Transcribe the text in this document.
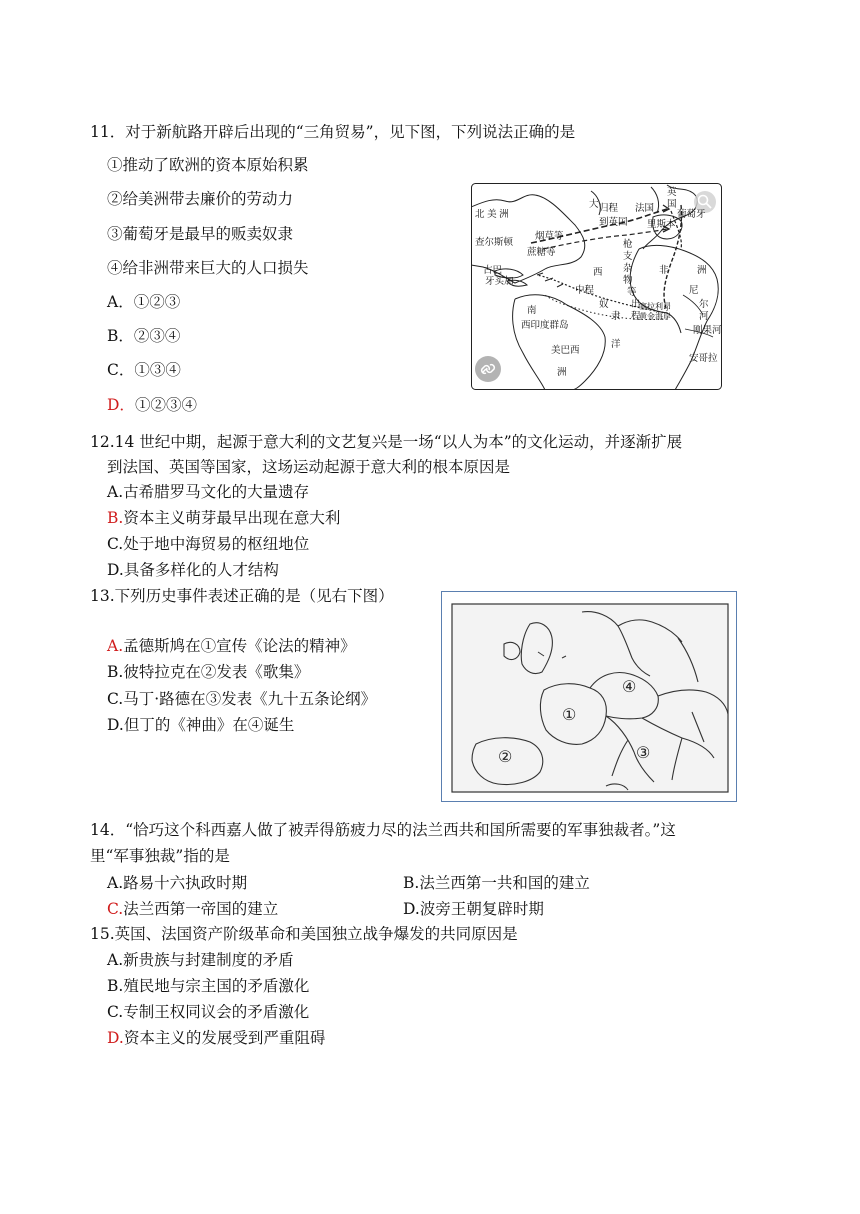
11．对于新航路开辟后出现的“三角贸易”，见下图，下列说法正确的是
①推动了欧洲的资本原始积累
②给美洲带去廉价的劳动力
③葡萄牙是最早的贩卖奴隶
④给非洲带来巨大的人口损失
A．①②③
B．②③④
C．①③④
D．①②③④
北 美 洲
大
查尔斯顿
烟草等
蔗糖等
归程
到英国
古巴
牙买加
西
中程
奴
隶
南
西印度群岛
美巴西
洋
洲
英
国
法国
里斯本
葡萄牙
枪
支
杂
物
等
出
程
非	洲
塞拉利昂
黄金海岸
尼
尔
河
刚果河
安哥拉
12.14 世纪中期，起源于意大利的文艺复兴是一场“以人为本”的文化运动，并逐渐扩展
到法国、英国等国家，这场运动起源于意大利的根本原因是
A.古希腊罗马文化的大量遗存
B.资本主义萌芽最早出现在意大利
C.处于地中海贸易的枢纽地位
D.具备多样化的人才结构
13.下列历史事件表述正确的是（见右下图）
A.孟德斯鸠在①宣传《论法的精神》
B.彼特拉克在②发表《歌集》
C.马丁·路德在③发表《九十五条论纲》
D.但丁的《神曲》在④诞生
①
②	③
④
14．“恰巧这个科西嘉人做了被弄得筋疲力尽的法兰西共和国所需要的军事独裁者。”这
里“军事独裁”指的是
A.路易十六执政时期	B.法兰西第一共和国的建立
C.法兰西第一帝国的建立	D.波旁王朝复辟时期
15.英国、法国资产阶级革命和美国独立战争爆发的共同原因是
A.新贵族与封建制度的矛盾
B.殖民地与宗主国的矛盾激化
C.专制王权同议会的矛盾激化
D.资本主义的发展受到严重阻碍
